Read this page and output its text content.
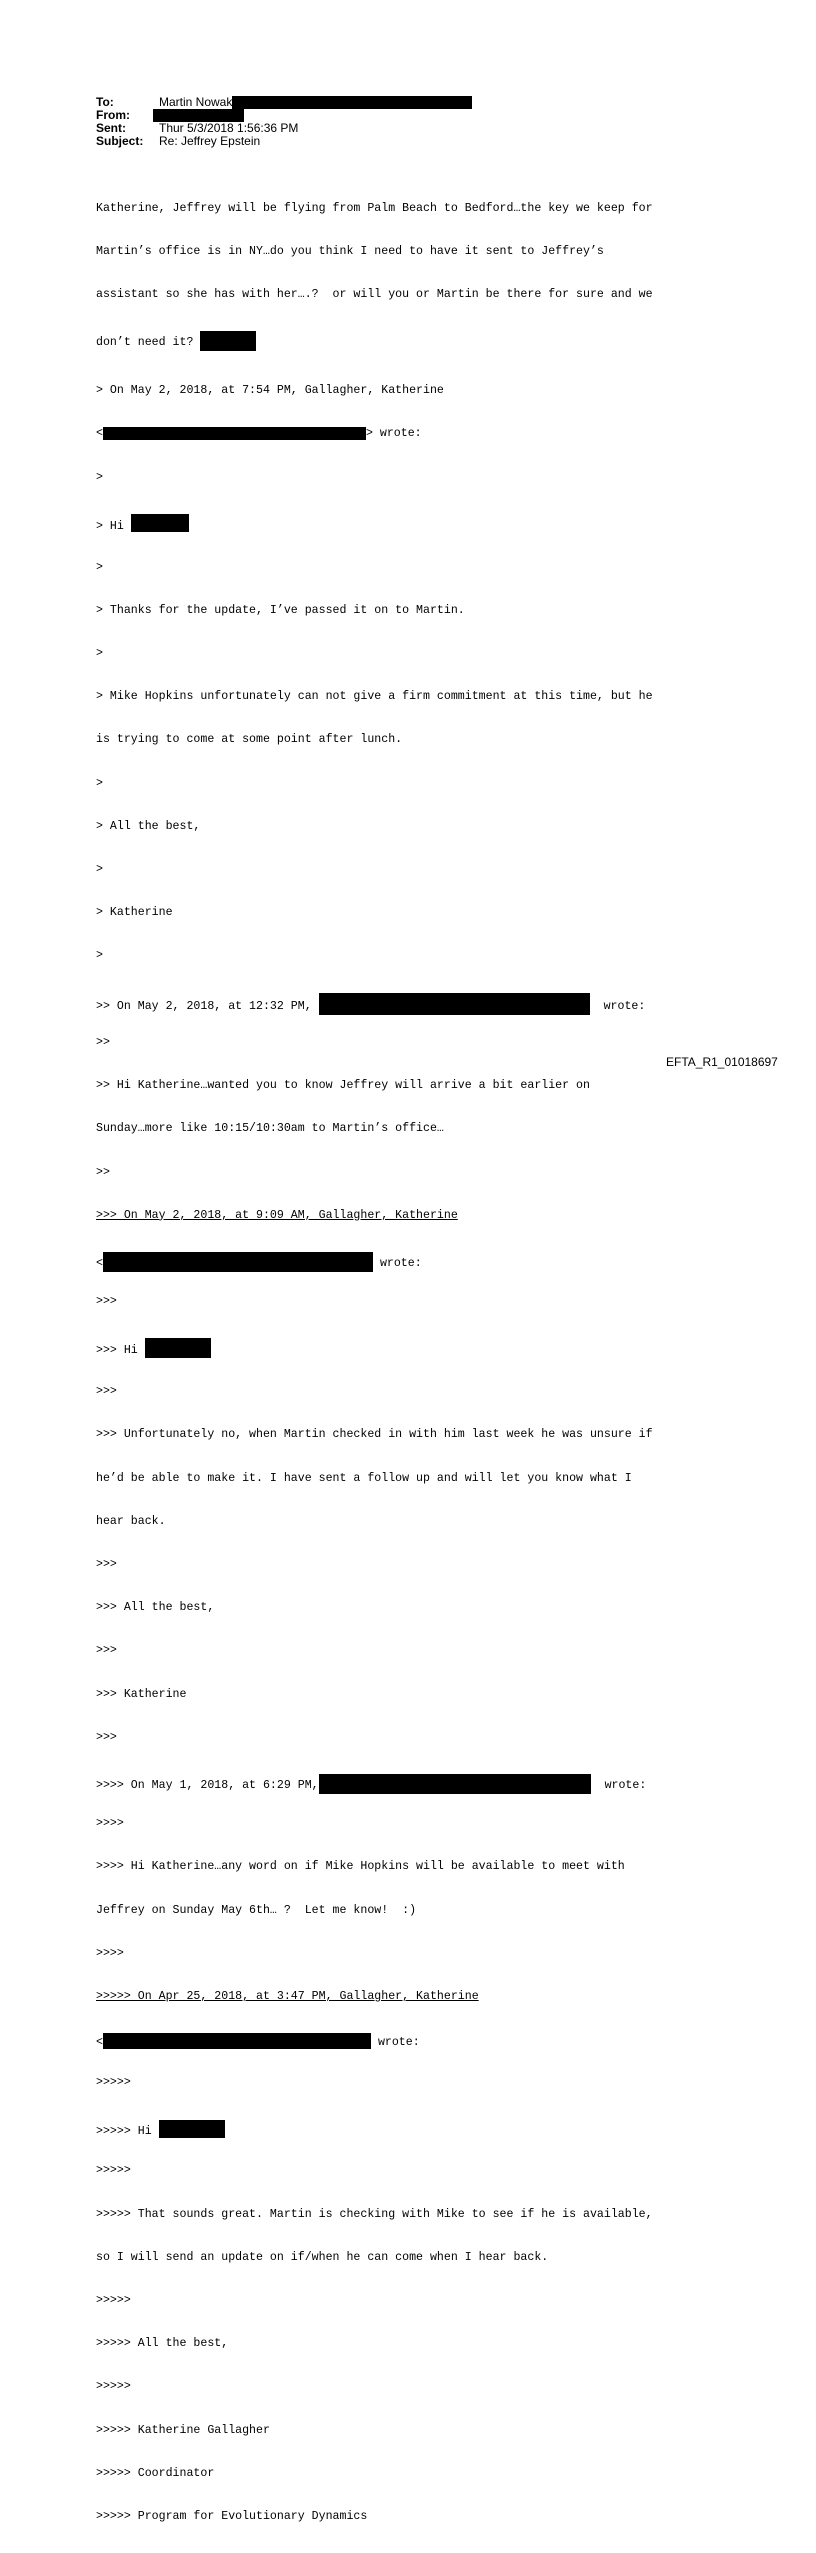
To:	Martin Nowak
From:
Sent:	Thur 5/3/2018 1:56:36 PM
Subject: Re: Jeffrey Epstein

Katherine, Jeffrey will be flying from Palm Beach to Bedford…the key we keep for

Martin’s office is in NY…do you think I need to have it sent to Jeffrey’s

assistant so she has with her….?  or will you or Martin be there for sure and we

don’t need it?

> On May 2, 2018, at 7:54 PM, Gallagher, Katherine

<	> wrote:

>

> Hi

>

> Thanks for the update, I’ve passed it on to Martin.

>

> Mike Hopkins unfortunately can not give a firm commitment at this time, but he

is trying to come at some point after lunch.

>

> All the best,

>

> Katherine

>

>> On May 2, 2018, at 12:32 PM,	wrote:

>>

>> Hi Katherine…wanted you to know Jeffrey will arrive a bit earlier on

Sunday…more like 10:15/10:30am to Martin’s office…

>>

>>> On May 2, 2018, at 9:09 AM, Gallagher, Katherine

<	wrote:

>>>

>>> Hi

>>>

>>> Unfortunately no, when Martin checked in with him last week he was unsure if

he’d be able to make it. I have sent a follow up and will let you know what I

hear back.

>>>

>>> All the best,

>>>

>>> Katherine

>>>

>>>> On May 1, 2018, at 6:29 PM,	wrote:

>>>>

>>>> Hi Katherine…any word on if Mike Hopkins will be available to meet with

Jeffrey on Sunday May 6th… ?  Let me know!  :)

>>>>

>>>>> On Apr 25, 2018, at 3:47 PM, Gallagher, Katherine

<	wrote:

>>>>>

>>>>> Hi

>>>>>

>>>>> That sounds great. Martin is checking with Mike to see if he is available,

so I will send an update on if/when he can come when I hear back.

>>>>>

>>>>> All the best,

>>>>>

>>>>> Katherine Gallagher

>>>>> Coordinator

>>>>> Program for Evolutionary Dynamics

EFTA_R1_01018697
